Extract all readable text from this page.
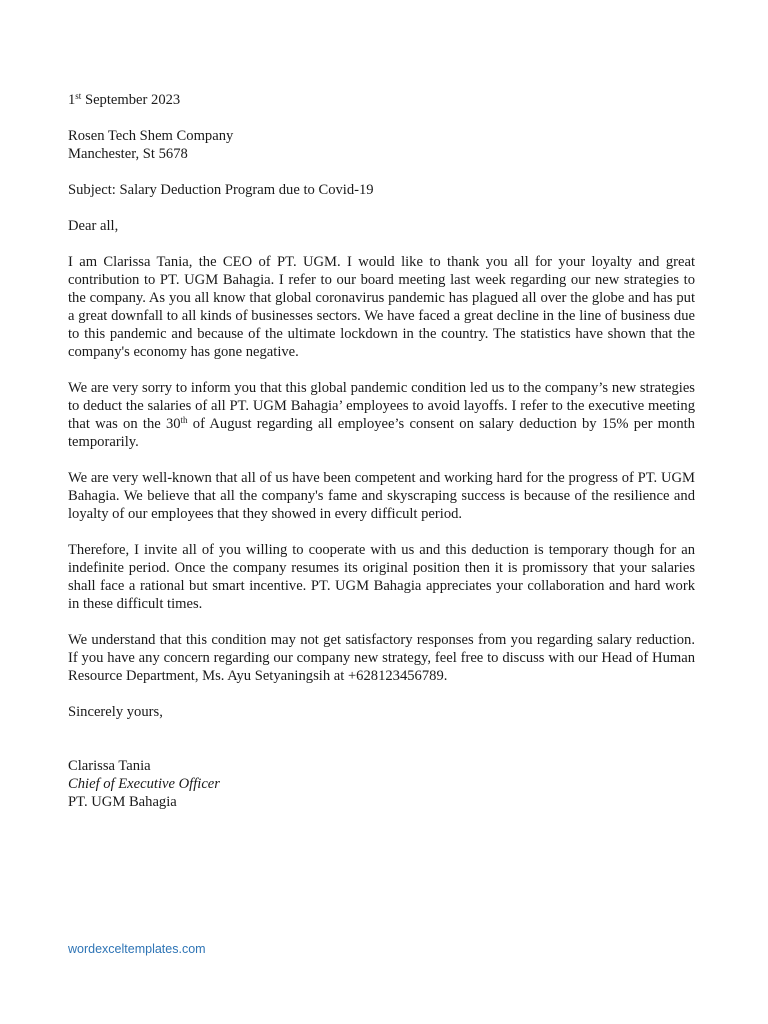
1st September 2023

Rosen Tech Shem Company
Manchester, St 5678

Subject: Salary Deduction Program due to Covid-19

Dear all,

I am Clarissa Tania, the CEO of PT. UGM. I would like to thank you all for your loyalty and great contribution to PT. UGM Bahagia. I refer to our board meeting last week regarding our new strategies to the company. As you all know that global coronavirus pandemic has plagued all over the globe and has put a great downfall to all kinds of businesses sectors. We have faced a great decline in the line of business due to this pandemic and because of the ultimate lockdown in the country. The statistics have shown that the company's economy has gone negative.

We are very sorry to inform you that this global pandemic condition led us to the company’s new strategies to deduct the salaries of all PT. UGM Bahagia’ employees to avoid layoffs. I refer to the executive meeting that was on the 30th of August regarding all employee’s consent on salary deduction by 15% per month temporarily.

We are very well-known that all of us have been competent and working hard for the progress of PT. UGM Bahagia. We believe that all the company's fame and skyscraping success is because of the resilience and loyalty of our employees that they showed in every difficult period.

Therefore, I invite all of you willing to cooperate with us and this deduction is temporary though for an indefinite period. Once the company resumes its original position then it is promissory that your salaries shall face a rational but smart incentive. PT. UGM Bahagia appreciates your collaboration and hard work in these difficult times.

We understand that this condition may not get satisfactory responses from you regarding salary reduction. If you have any concern regarding our company new strategy, feel free to discuss with our Head of Human Resource Department, Ms. Ayu Setyaningsih at +628123456789.

Sincerely yours,

Clarissa Tania
Chief of Executive Officer
PT. UGM Bahagia

wordexceltemplates.com
